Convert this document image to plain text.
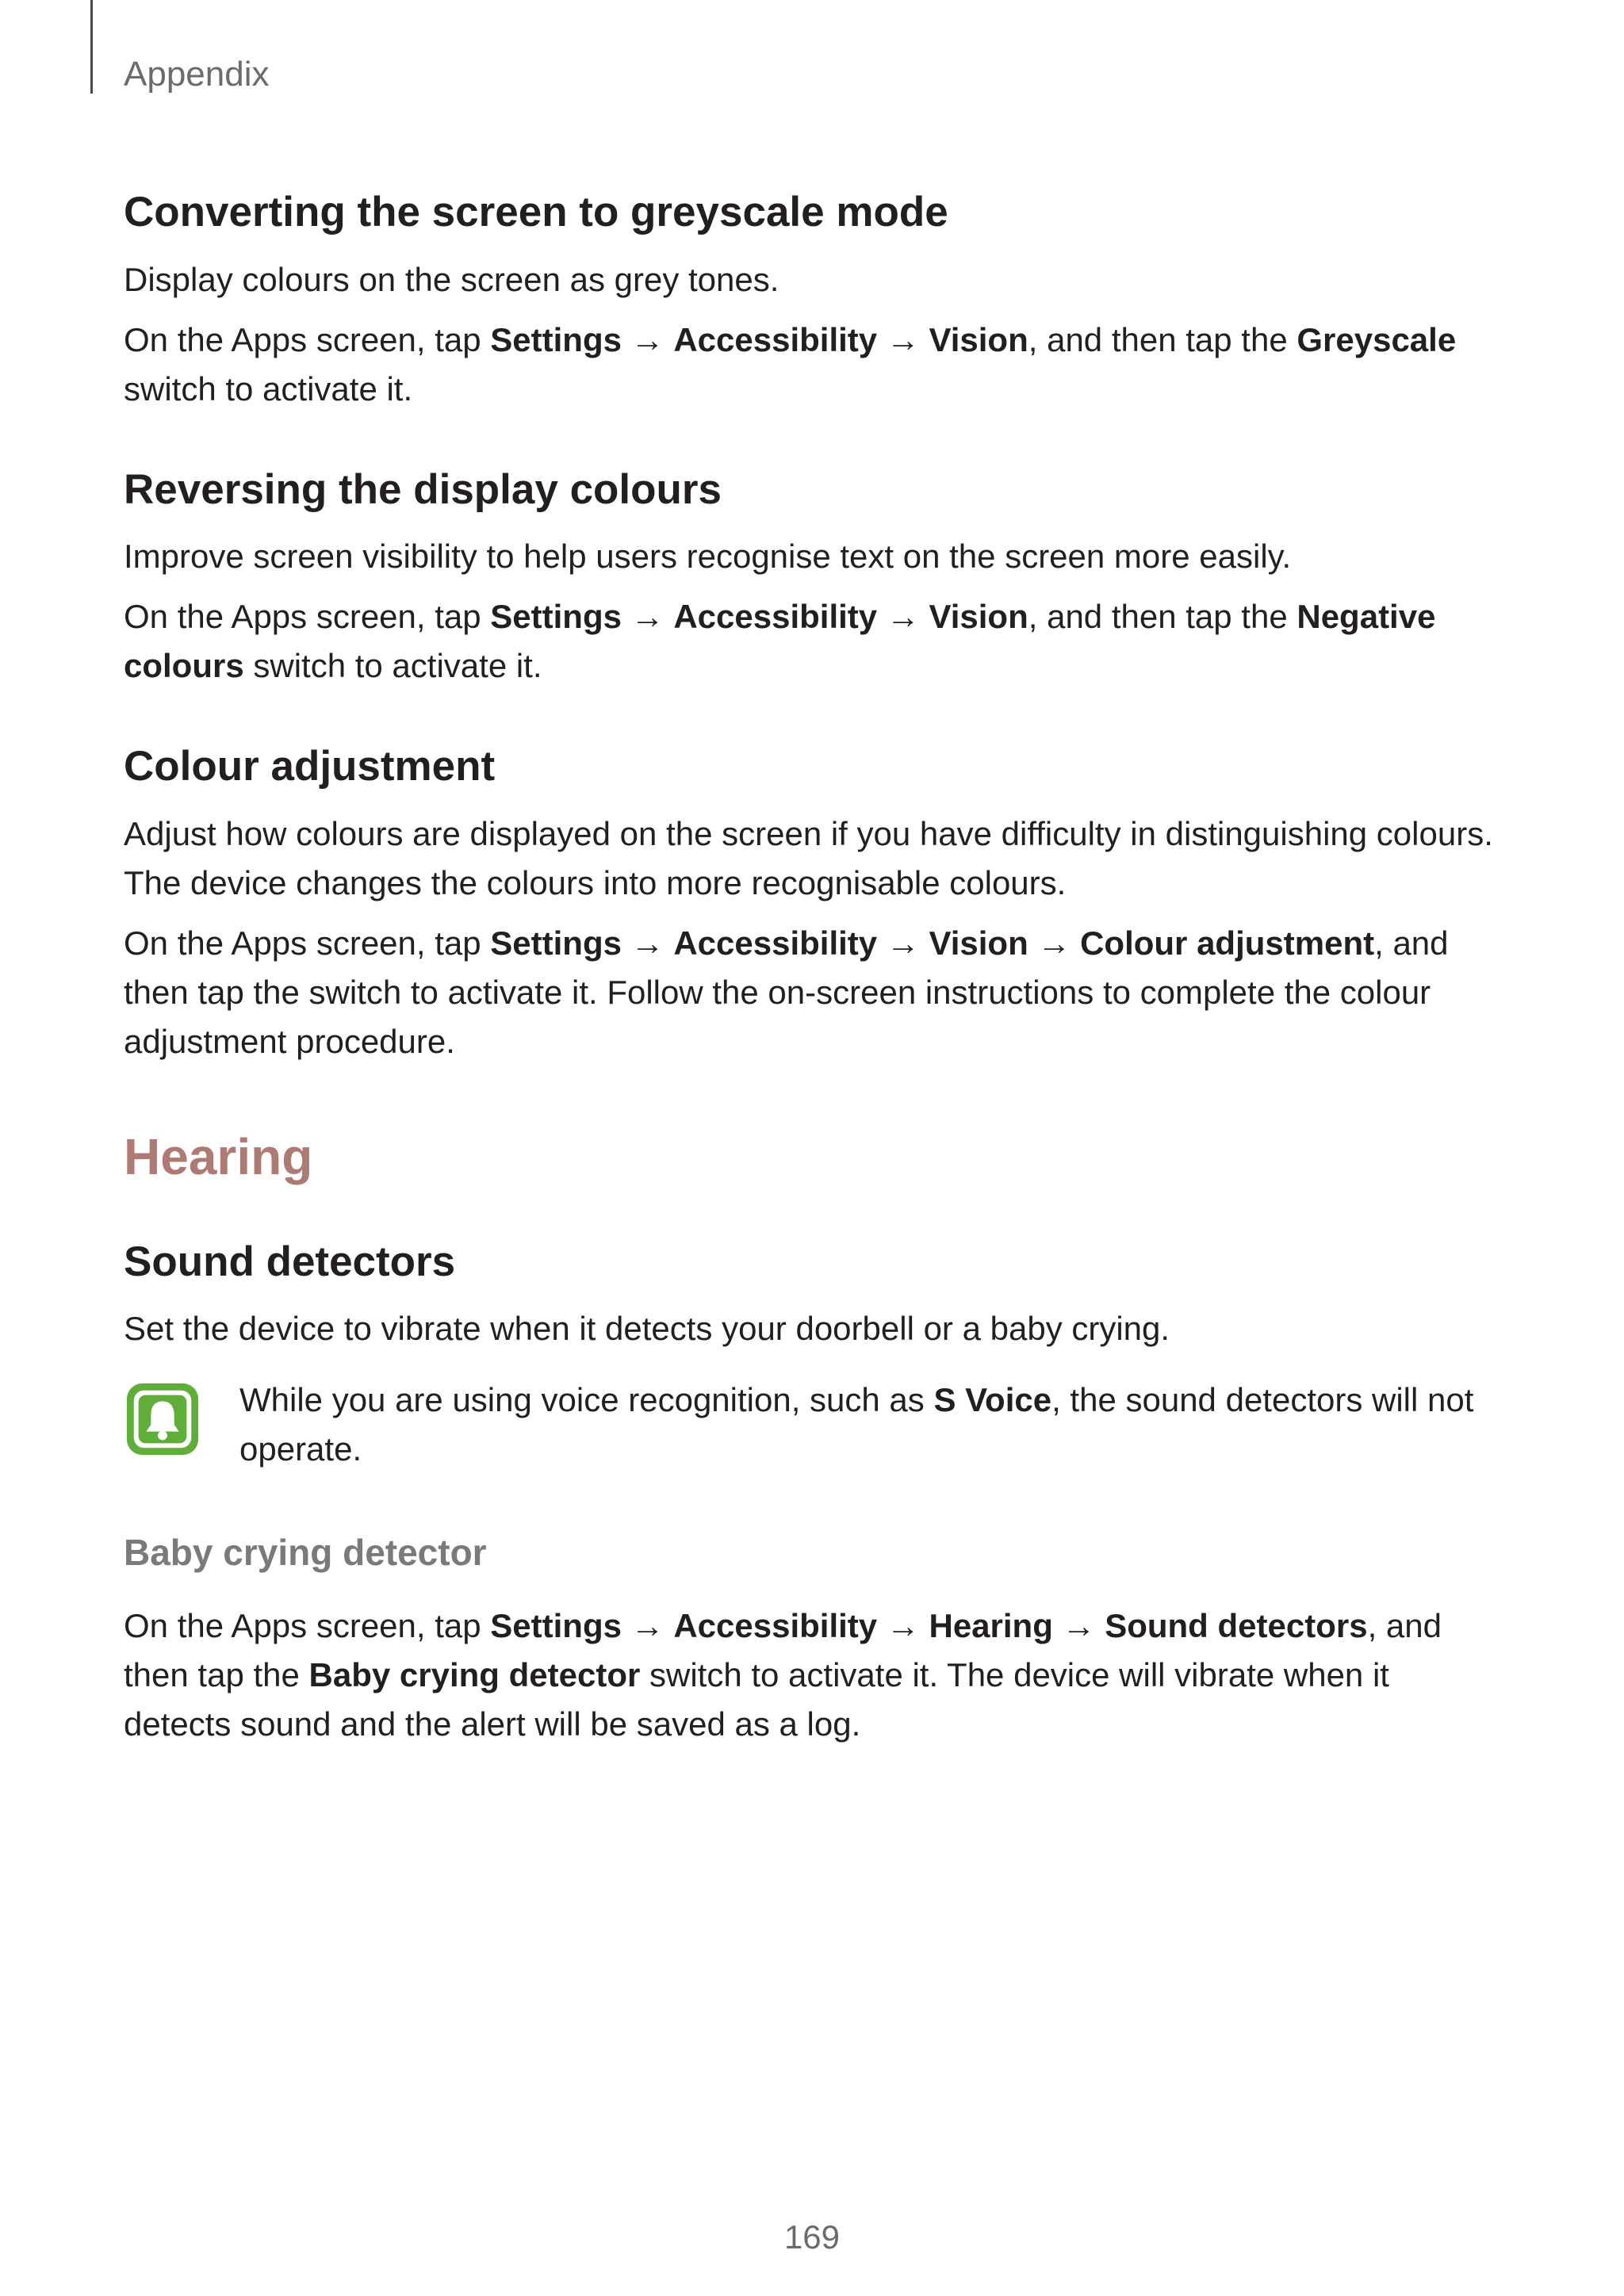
Appendix
Converting the screen to greyscale mode

Display colours on the screen as grey tones.

On the Apps screen, tap Settings → Accessibility → Vision, and then tap the Greyscale switch to activate it.

Reversing the display colours

Improve screen visibility to help users recognise text on the screen more easily.

On the Apps screen, tap Settings → Accessibility → Vision, and then tap the Negative colours switch to activate it.

Colour adjustment

Adjust how colours are displayed on the screen if you have difficulty in distinguishing colours.
The device changes the colours into more recognisable colours.

On the Apps screen, tap Settings → Accessibility → Vision → Colour adjustment, and then tap the switch to activate it. Follow the on-screen instructions to complete the colour adjustment procedure.

Hearing
Sound detectors

Set the device to vibrate when it detects your doorbell or a baby crying.

While you are using voice recognition, such as S Voice, the sound detectors will not operate.

Baby crying detector

On the Apps screen, tap Settings → Accessibility → Hearing → Sound detectors, and then tap the Baby crying detector switch to activate it. The device will vibrate when it detects sound and the alert will be saved as a log.

169
